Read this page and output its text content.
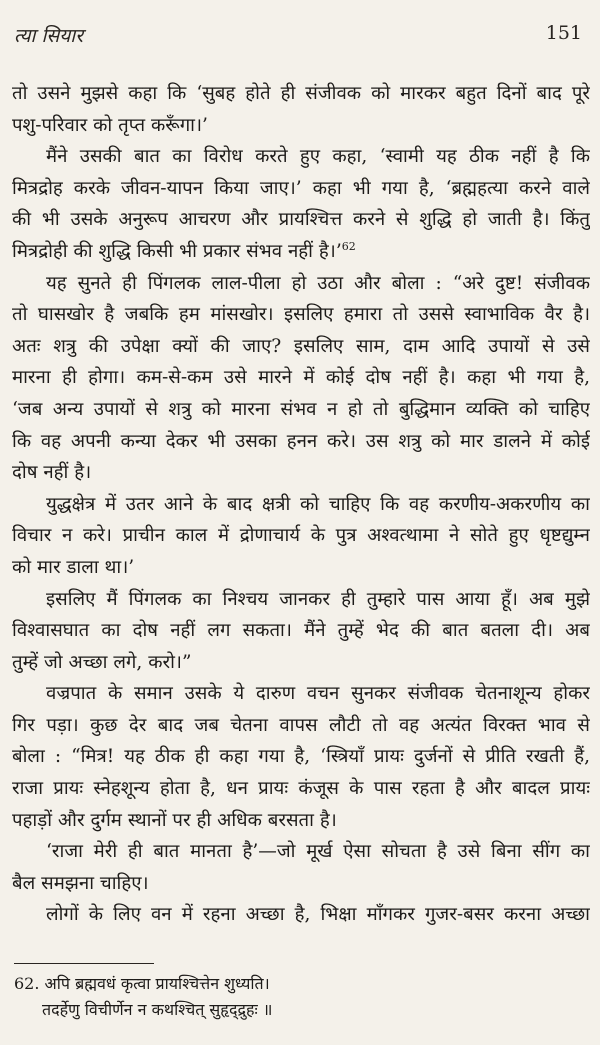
त्या सियार	151
तो उसने मुझसे कहा कि ‘सुबह होते ही संजीवक को मारकर बहुत दिनों बाद पूरे
पशु-परिवार को तृप्त करूँगा।’
मैंने उसकी बात का विरोध करते हुए कहा, ‘स्वामी यह ठीक नहीं है कि
मित्रद्रोह करके जीवन-यापन किया जाए।’ कहा भी गया है, ‘ब्रह्महत्या करने वाले
की भी उसके अनुरूप आचरण और प्रायश्चित्त करने से शुद्धि हो जाती है। किंतु
मित्रद्रोही की शुद्धि किसी भी प्रकार संभव नहीं है।’$^{62}$
यह सुनते ही पिंगलक लाल-पीला हो उठा और बोला : “अरे दुष्ट! संजीवक
तो घासखोर है जबकि हम मांसखोर। इसलिए हमारा तो उससे स्वाभाविक वैर है।
अतः शत्रु की उपेक्षा क्यों की जाए? इसलिए साम, दाम आदि उपायों से उसे
मारना ही होगा। कम-से-कम उसे मारने में कोई दोष नहीं है। कहा भी गया है,
‘जब अन्य उपायों से शत्रु को मारना संभव न हो तो बुद्धिमान व्यक्ति को चाहिए
कि वह अपनी कन्या देकर भी उसका हनन करे। उस शत्रु को मार डालने में कोई
दोष नहीं है।
युद्धक्षेत्र में उतर आने के बाद क्षत्री को चाहिए कि वह करणीय-अकरणीय का
विचार न करे। प्राचीन काल में द्रोणाचार्य के पुत्र अश्वत्थामा ने सोते हुए धृष्टद्युम्न
को मार डाला था।’
इसलिए मैं पिंगलक का निश्चय जानकर ही तुम्हारे पास आया हूँ। अब मुझे
विश्वासघात का दोष नहीं लग सकता। मैंने तुम्हें भेद की बात बतला दी। अब
तुम्हें जो अच्छा लगे, करो।”
वज्रपात के समान उसके ये दारुण वचन सुनकर संजीवक चेतनाशून्य होकर
गिर पड़ा। कुछ देर बाद जब चेतना वापस लौटी तो वह अत्यंत विरक्त भाव से
बोला : “मित्र! यह ठीक ही कहा गया है, ‘स्त्रियाँ प्रायः दुर्जनों से प्रीति रखती हैं,
राजा प्रायः स्नेहशून्य होता है, धन प्रायः कंजूस के पास रहता है और बादल प्रायः
पहाड़ों और दुर्गम स्थानों पर ही अधिक बरसता है।
‘राजा मेरी ही बात मानता है’—जो मूर्ख ऐसा सोचता है उसे बिना सींग का
बैल समझना चाहिए।
लोगों के लिए वन में रहना अच्छा है, भिक्षा माँगकर गुजर-बसर करना अच्छा
62. अपि ब्रह्मवधं कृत्वा प्रायश्चित्तेन शुध्यति।
तदर्हेणु विचीर्णेन न कथश्चित् सुहृद्द्रुहः ॥
